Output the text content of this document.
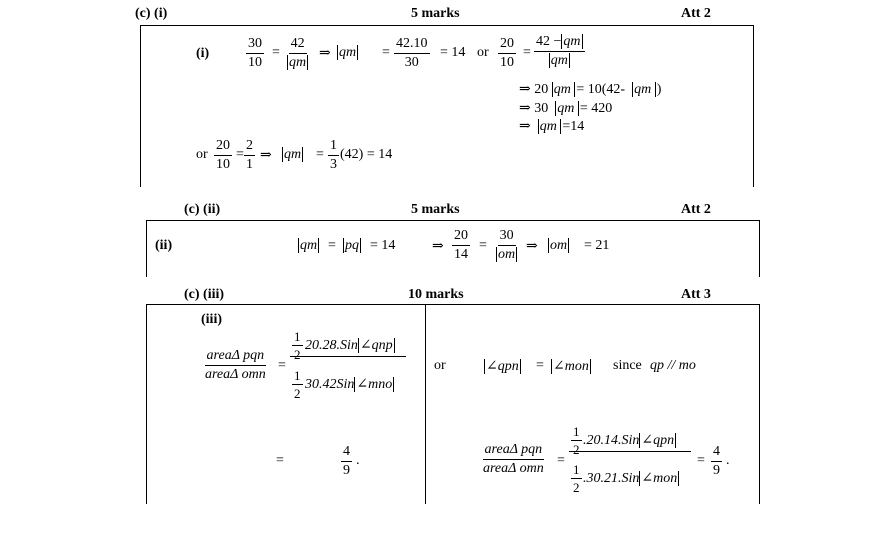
(c) (i)	5 marks	Att 2
(i)	$\frac{30}{10} = \frac{42}{qm}$ ⇒ qm = $\frac{42.10}{30} = 14$ or $\frac{20}{10} = \frac{42 - qm}{qm}$
⇒ 20 qm = 10(42- qm )
⇒ 30 qm = 420
⇒ qm =14
or $\frac{20}{10} = \frac{2}{1}$ ⇒ qm = $\frac{1}{3} (42) = 14$
(c) (ii)	5 marks	Att 2
(ii)	qm = pq = 14	⇒ $\frac{20}{14} = \frac{30}{om}$ ⇒ om = 21
(c) (iii)	10 marks	Att 3
(iii)
areaΔ pqn
areaΔ omn
=
$\frac{1}{2} 20.28.Sin$ ∠qnp
$\frac{1}{2} 30.42Sin$ ∠mno
=	$\frac{4}{9}$ .
or	∠qpn = ∠mon since qp // mo
areaΔ pqn
areaΔ omn
=
$\frac{1}{2} .20.14.Sin$ ∠qpn
$\frac{1}{2} .30.21.Sin$ ∠mon
= $\frac{4}{9}$ .
